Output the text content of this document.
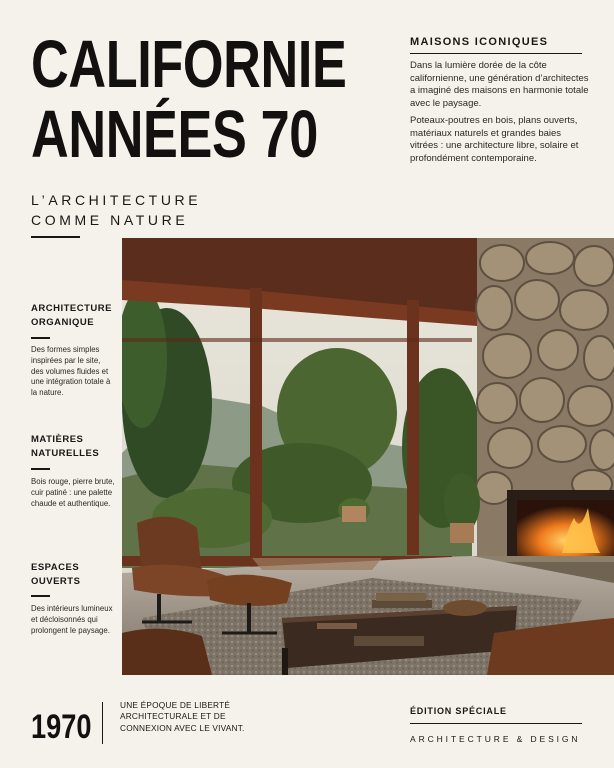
CALIFORNIE
ANNÉES 70
L’ARCHITECTURE
COMME NATURE
MAISONS ICONIQUES

Dans la lumière dorée de la côte californienne, une génération d’architectes a imaginé des maisons en harmonie totale avec le paysage.

Poteaux-poutres en bois, plans ouverts, matériaux naturels et grandes baies vitrées : une architecture libre, solaire et profondément contemporaine.

ARCHITECTURE ORGANIQUE
Des formes simples inspirées par le site, des volumes fluides et une intégration totale à la nature.
MATIÈRES NATURELLES
Bois rouge, pierre brute, cuir patiné : une palette chaude et authentique.
ESPACES OUVERTS
Des intérieurs lumineux et décloisonnés qui prolongent le paysage.
1970
UNE ÉPOQUE DE LIBERTÉ ARCHITECTURALE ET DE CONNEXION AVEC LE VIVANT.
ÉDITION SPÉCIALE
ARCHITECTURE & DESIGN
